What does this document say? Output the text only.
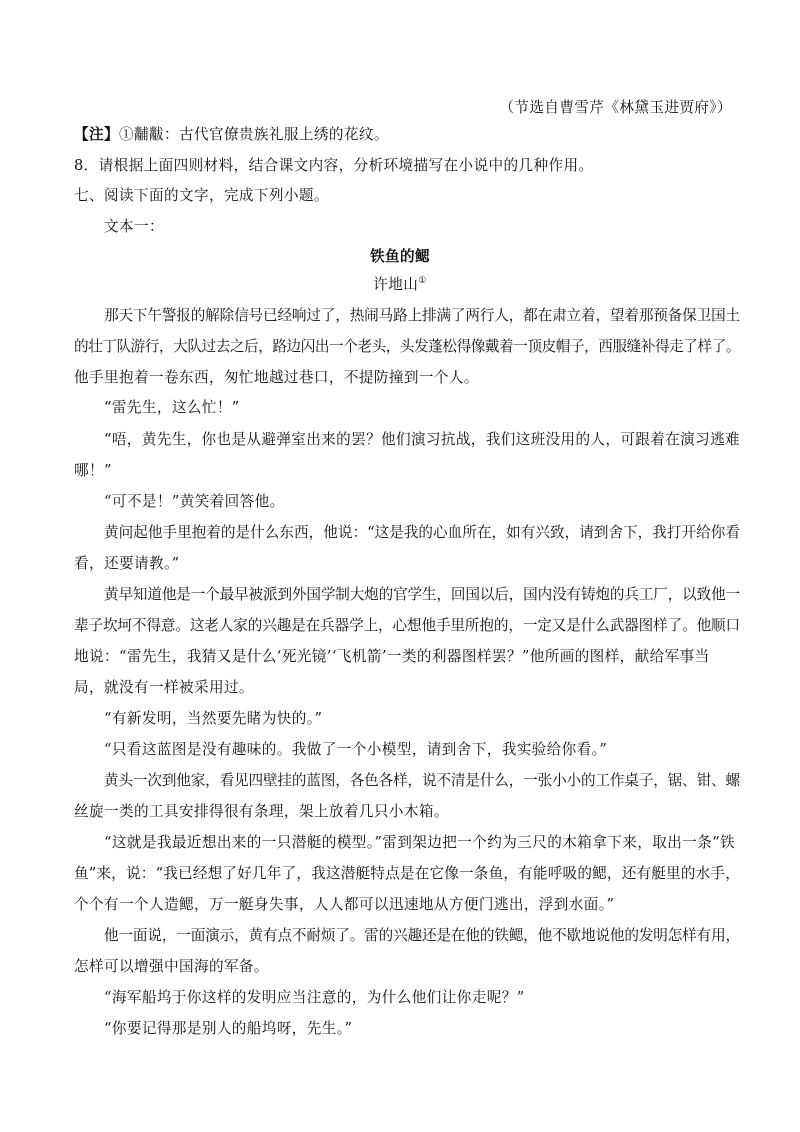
（节选自曹雪芹《林黛玉进贾府》）
【注】①黼黻：古代官僚贵族礼服上绣的花纹。
8．请根据上面四则材料，结合课文内容，分析环境描写在小说中的几种作用。
七、阅读下面的文字，完成下列小题。
文本一：
铁鱼的鳃
许地山①
那天下午警报的解除信号已经响过了，热闹马路上排满了两行人，都在肃立着，望着那预备保卫国土
的壮丁队游行，大队过去之后，路边闪出一个老头，头发蓬松得像戴着一顶皮帽子，西服缝补得走了样了。
他手里抱着一卷东西，匆忙地越过巷口，不提防撞到一个人。
“雷先生，这么忙！”
“唔，黄先生，你也是从避弹室出来的罢？他们演习抗战，我们这班没用的人，可跟着在演习逃难
哪！”
“可不是！”黄笑着回答他。
黄问起他手里抱着的是什么东西，他说：“这是我的心血所在，如有兴致，请到舍下，我打开给你看
看，还要请教。”
黄早知道他是一个最早被派到外国学制大炮的官学生，回国以后，国内没有铸炮的兵工厂，以致他一
辈子坎坷不得意。这老人家的兴趣是在兵器学上，心想他手里所抱的，一定又是什么武器图样了。他顺口
地说：“雷先生，我猜又是什么‘死光镜’‘飞机箭’一类的利器图样罢？”他所画的图样，献给军事当
局，就没有一样被采用过。
“有新发明，当然要先睹为快的。”
“只看这蓝图是没有趣味的。我做了一个小模型，请到舍下，我实验给你看。”
黄头一次到他家，看见四壁挂的蓝图，各色各样，说不清是什么，一张小小的工作桌子，锯、钳、螺
丝旋一类的工具安排得很有条理，架上放着几只小木箱。
“这就是我最近想出来的一只潜艇的模型。”雷到架边把一个约为三尺的木箱拿下来，取出一条“铁
鱼”来，说：“我已经想了好几年了，我这潜艇特点是在它像一条鱼，有能呼吸的鳃，还有艇里的水手，
个个有一个人造鳃，万一艇身失事，人人都可以迅速地从方便门逃出，浮到水面。”
他一面说，一面演示，黄有点不耐烦了。雷的兴趣还是在他的铁鳃，他不歇地说他的发明怎样有用，
怎样可以增强中国海的军备。
“海军船坞于你这样的发明应当注意的，为什么他们让你走呢？”
“你要记得那是别人的船坞呀，先生。”
